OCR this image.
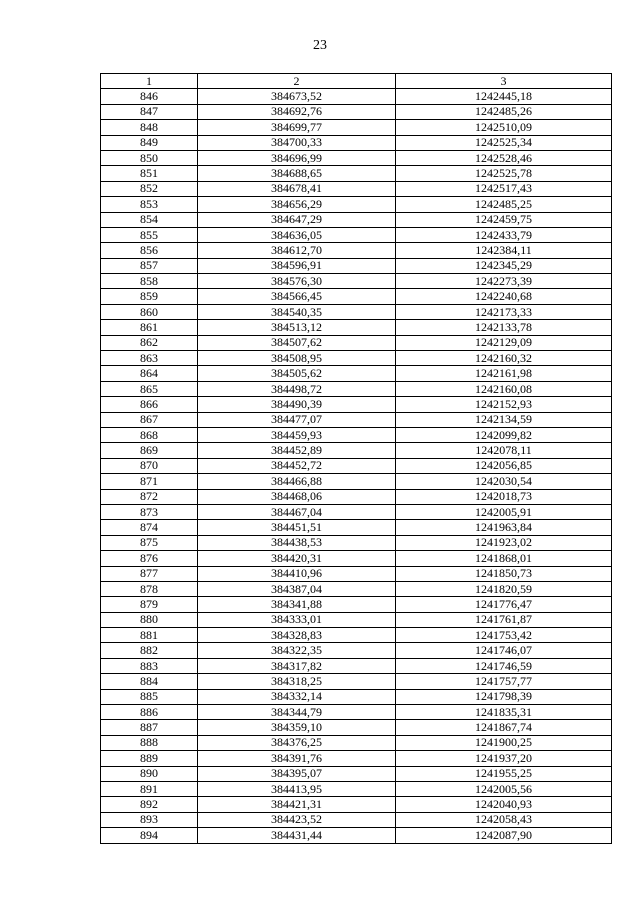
23
1	2	3
846	384673,52	1242445,18
847	384692,76	1242485,26
848	384699,77	1242510,09
849	384700,33	1242525,34
850	384696,99	1242528,46
851	384688,65	1242525,78
852	384678,41	1242517,43
853	384656,29	1242485,25
854	384647,29	1242459,75
855	384636,05	1242433,79
856	384612,70	1242384,11
857	384596,91	1242345,29
858	384576,30	1242273,39
859	384566,45	1242240,68
860	384540,35	1242173,33
861	384513,12	1242133,78
862	384507,62	1242129,09
863	384508,95	1242160,32
864	384505,62	1242161,98
865	384498,72	1242160,08
866	384490,39	1242152,93
867	384477,07	1242134,59
868	384459,93	1242099,82
869	384452,89	1242078,11
870	384452,72	1242056,85
871	384466,88	1242030,54
872	384468,06	1242018,73
873	384467,04	1242005,91
874	384451,51	1241963,84
875	384438,53	1241923,02
876	384420,31	1241868,01
877	384410,96	1241850,73
878	384387,04	1241820,59
879	384341,88	1241776,47
880	384333,01	1241761,87
881	384328,83	1241753,42
882	384322,35	1241746,07
883	384317,82	1241746,59
884	384318,25	1241757,77
885	384332,14	1241798,39
886	384344,79	1241835,31
887	384359,10	1241867,74
888	384376,25	1241900,25
889	384391,76	1241937,20
890	384395,07	1241955,25
891	384413,95	1242005,56
892	384421,31	1242040,93
893	384423,52	1242058,43
894	384431,44	1242087,90
